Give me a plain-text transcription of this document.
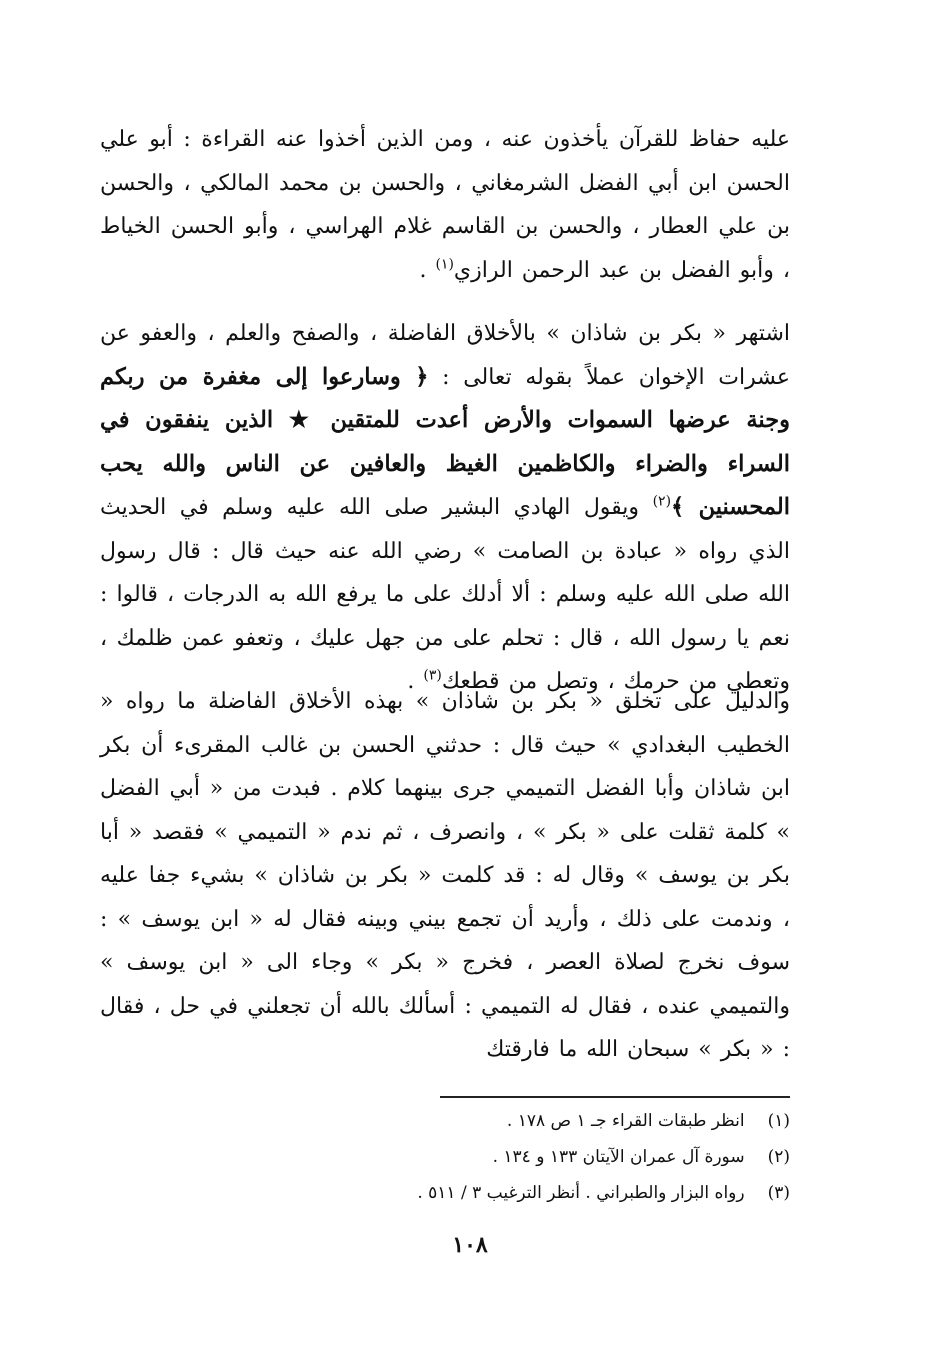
عليه حفاظ للقرآن يأخذون عنه ، ومن الذين أخذوا عنه القراءة : أبو علي الحسن ابن أبي الفضل الشرمغاني ، والحسن بن محمد المالكي ، والحسن بن علي العطار ، والحسن بن القاسم غلام الهراسي ، وأبو الحسن الخياط ، وأبو الفضل بن عبد الرحمن الرازي$^{(١)}$ .

اشتهر « بكر بن شاذان » بالأخلاق الفاضلة ، والصفح والعلم ، والعفو عن عشرات الإخوان عملاً بقوله تعالى : ﴿ وسارعوا إلى مغفرة من ربكم وجنة عرضها السموات والأرض أعدت للمتقين ★ الذين ينفقون في السراء والضراء والكاظمين الغيظ والعافين عن الناس والله يحب المحسنين ﴾$^{(٢)}$ ويقول الهادي البشير صلى الله عليه وسلم في الحديث الذي رواه « عبادة بن الصامت » رضي الله عنه حيث قال : قال رسول الله صلى الله عليه وسلم : ألا أدلك على ما يرفع الله به الدرجات ، قالوا : نعم يا رسول الله ، قال : تحلم على من جهل عليك ، وتعفو عمن ظلمك ، وتعطي من حرمك ، وتصل من قطعك$^{(٣)}$ .

والدليل على تخلق « بكر بن شاذان » بهذه الأخلاق الفاضلة ما رواه « الخطيب البغدادي » حيث قال : حدثني الحسن بن غالب المقرىء أن بكر ابن شاذان وأبا الفضل التميمي جرى بينهما كلام . فبدت من « أبي الفضل » كلمة ثقلت على « بكر » ، وانصرف ، ثم ندم « التميمي » فقصد « أبا بكر بن يوسف » وقال له : قد كلمت « بكر بن شاذان » بشيء جفا عليه ، وندمت على ذلك ، وأريد أن تجمع بيني وبينه فقال له « ابن يوسف » : سوف نخرج لصلاة العصر ، فخرج « بكر » وجاء الى « ابن يوسف » والتميمي عنده ، فقال له التميمي : أسألك بالله أن تجعلني في حل ، فقال : « بكر » سبحان الله ما فارقتك

(١) انظر طبقات القراء جـ ١ ص ١٧٨ .
(٢) سورة آل عمران الآيتان ١٣٣ و ١٣٤ .
(٣) رواه البزار والطبراني . أنظر الترغيب ٣ / ٥١١ .
١٠٨
